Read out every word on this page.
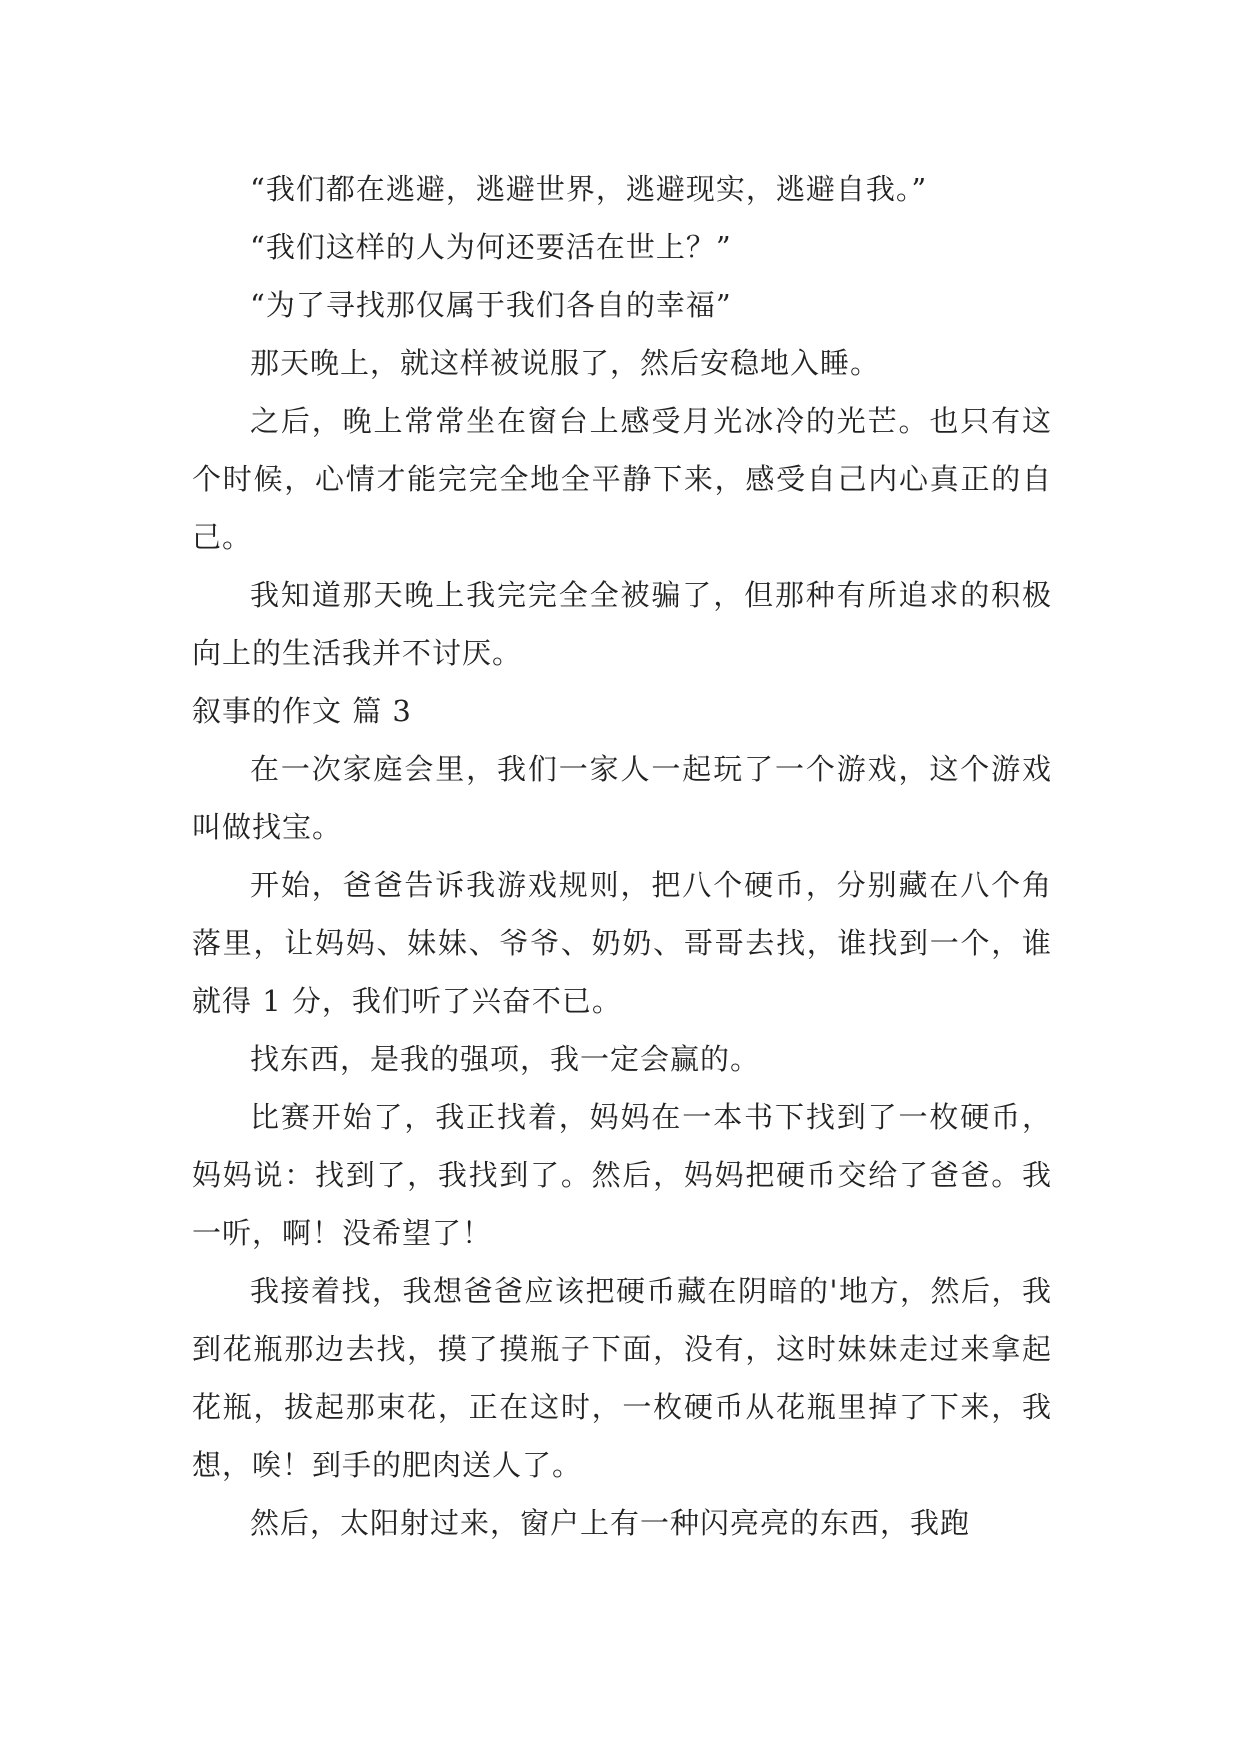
“我们都在逃避，逃避世界，逃避现实，逃避自我。”

“我们这样的人为何还要活在世上？”

“为了寻找那仅属于我们各自的幸福”

那天晚上，就这样被说服了，然后安稳地入睡。

之后，晚上常常坐在窗台上感受月光冰冷的光芒。也只有这个时候，心情才能完完全地全平静下来，感受自己内心真正的自己。

我知道那天晚上我完完全全被骗了，但那种有所追求的积极向上的生活我并不讨厌。

叙事的作文 篇 3

在一次家庭会里，我们一家人一起玩了一个游戏，这个游戏叫做找宝。

开始，爸爸告诉我游戏规则，把八个硬币，分别藏在八个角落里，让妈妈、妹妹、爷爷、奶奶、哥哥去找，谁找到一个，谁就得 1 分，我们听了兴奋不已。

找东西，是我的强项，我一定会赢的。

比赛开始了，我正找着，妈妈在一本书下找到了一枚硬币，妈妈说：找到了，我找到了。然后，妈妈把硬币交给了爸爸。我一听，啊！没希望了！

我接着找，我想爸爸应该把硬币藏在阴暗的'地方，然后，我到花瓶那边去找，摸了摸瓶子下面，没有，这时妹妹走过来拿起花瓶，拔起那束花，正在这时，一枚硬币从花瓶里掉了下来，我想，唉！到手的肥肉送人了。

然后，太阳射过来，窗户上有一种闪亮亮的东西，我跑
